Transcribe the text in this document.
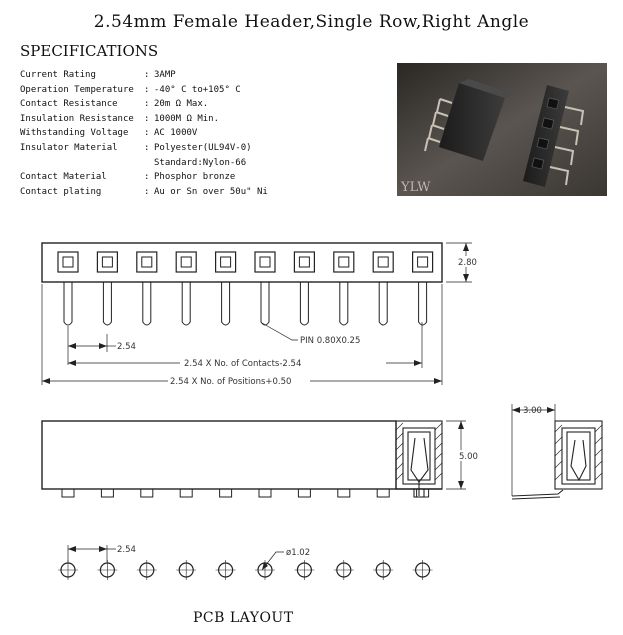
2.54mm Female Header,Single Row,Right Angle
SPECIFICATIONS
Current Rating	: 3AMP
Operation Temperature	: -40° C to+105° C
Contact Resistance	: 20m Ω Max.
Insulation Resistance	: 1000M Ω Min.
Withstanding Voltage	: AC 1000V
Insulator Material	: Polyester(UL94V-0)

Standard:Nylon-66
Contact Material	: Phosphor bronze
Contact plating	: Au or Sn over 50u" Ni	YLW
2.80
2.54
PIN 0.80X0.25
2.54 X No. of Contacts-2.54
2.54 X No. of Positions+0.50
3.00
5.00
2.54	ø1.02
PCB LAYOUT
